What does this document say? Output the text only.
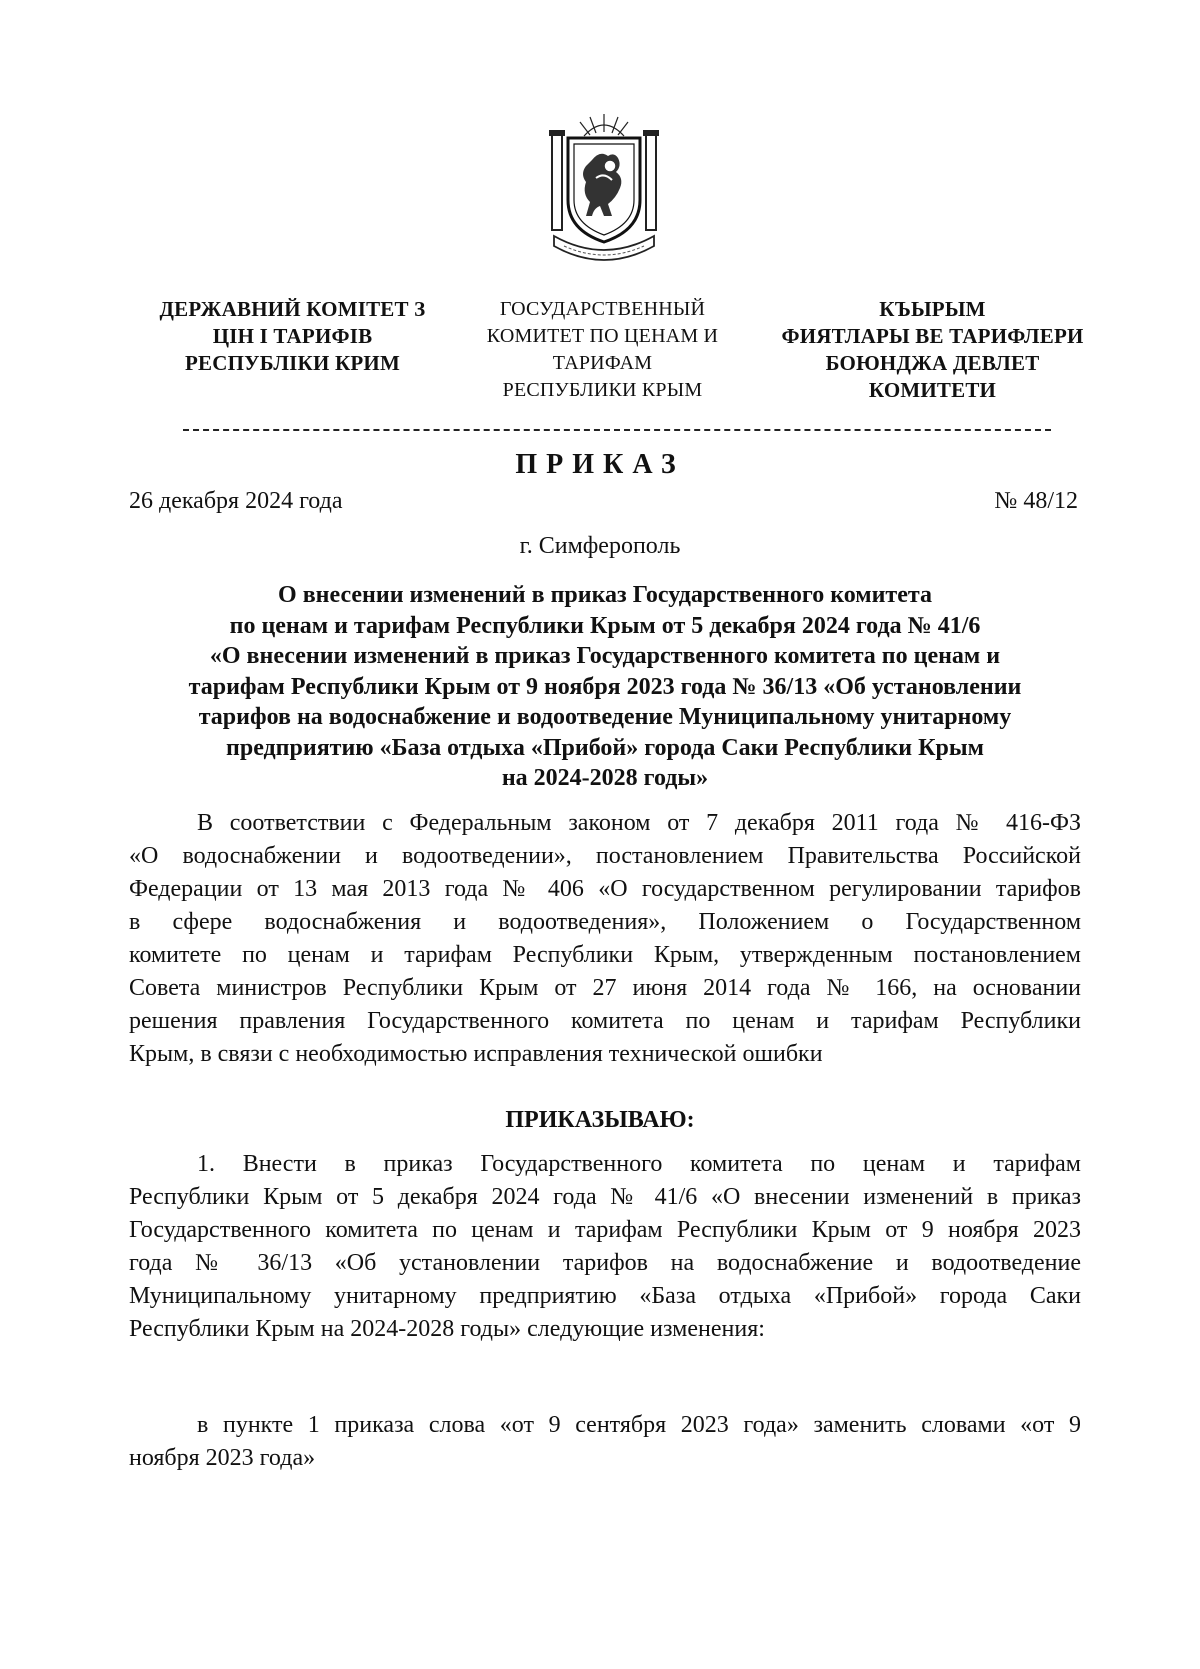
ДЕРЖАВНИЙ КОМІТЕТ З
ЦІН І ТАРИФІВ
РЕСПУБЛІКИ КРИМ
ГОСУДАРСТВЕННЫЙ
КОМИТЕТ ПО ЦЕНАМ И
ТАРИФАМ
РЕСПУБЛИКИ КРЫМ
КЪЫРЫМ
ФИЯТЛАРЫ ВЕ ТАРИФЛЕРИ
БОЮНДЖА ДЕВЛЕТ
КОМИТЕТИ
ПРИКАЗ
26 декабря 2024 года	№ 48/12
г. Симферополь
О внесении изменений в приказ Государственного комитета
по ценам и тарифам Республики Крым от 5 декабря 2024 года № 41/6
«О внесении изменений в приказ Государственного комитета по ценам и
тарифам Республики Крым от 9 ноября 2023 года № 36/13 «Об установлении
тарифов на водоснабжение и водоотведение Муниципальному унитарному
предприятию «База отдыха «Прибой» города Саки Республики Крым
на 2024-2028 годы»
В соответствии с Федеральным законом от 7 декабря 2011 года № 416-ФЗ
«О водоснабжении и водоотведении», постановлением Правительства Российской
Федерации от 13 мая 2013 года № 406 «О государственном регулировании тарифов
в сфере водоснабжения и водоотведения», Положением о Государственном
комитете по ценам и тарифам Республики Крым, утвержденным постановлением
Совета министров Республики Крым от 27 июня 2014 года № 166, на основании
решения правления Государственного комитета по ценам и тарифам Республики
Крым, в связи с необходимостью исправления технической ошибки
ПРИКАЗЫВАЮ:
1. Внести в приказ Государственного комитета по ценам и тарифам
Республики Крым от 5 декабря 2024 года № 41/6 «О внесении изменений в приказ
Государственного комитета по ценам и тарифам Республики Крым от 9 ноября 2023
года № 36/13 «Об установлении тарифов на водоснабжение и водоотведение
Муниципальному унитарному предприятию «База отдыха «Прибой» города Саки
Республики Крым на 2024-2028 годы» следующие изменения:
в пункте 1 приказа слова «от 9 сентября 2023 года» заменить словами «от 9
ноября 2023 года»
